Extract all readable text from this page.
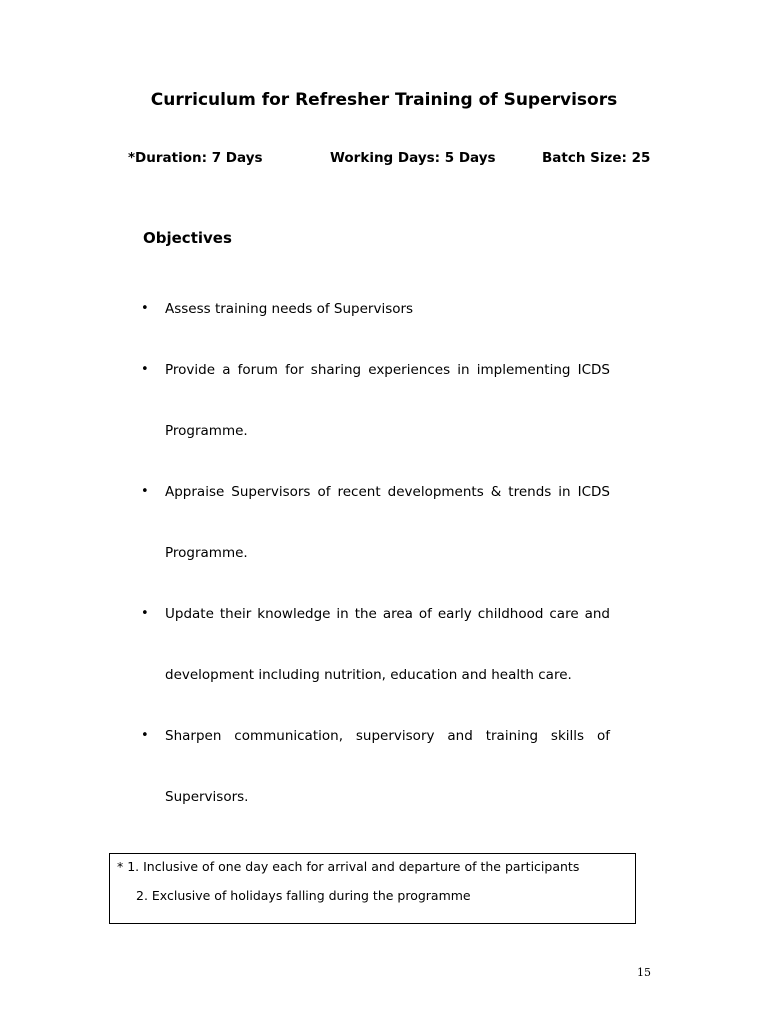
Curriculum for Refresher Training of Supervisors
*Duration: 7 Days	Working Days: 5 Days	Batch Size: 25
Objectives
• Assess training needs of Supervisors
• Provide a forum for sharing experiences in implementing ICDS
Programme.
• Appraise Supervisors of recent developments & trends in ICDS
Programme.
• Update their knowledge in the area of early childhood care and
development including nutrition, education and health care.
• Sharpen communication, supervisory and training skills of
Supervisors.
* 1. Inclusive of one day each for arrival and departure of the participants
2. Exclusive of holidays falling during the programme
15
